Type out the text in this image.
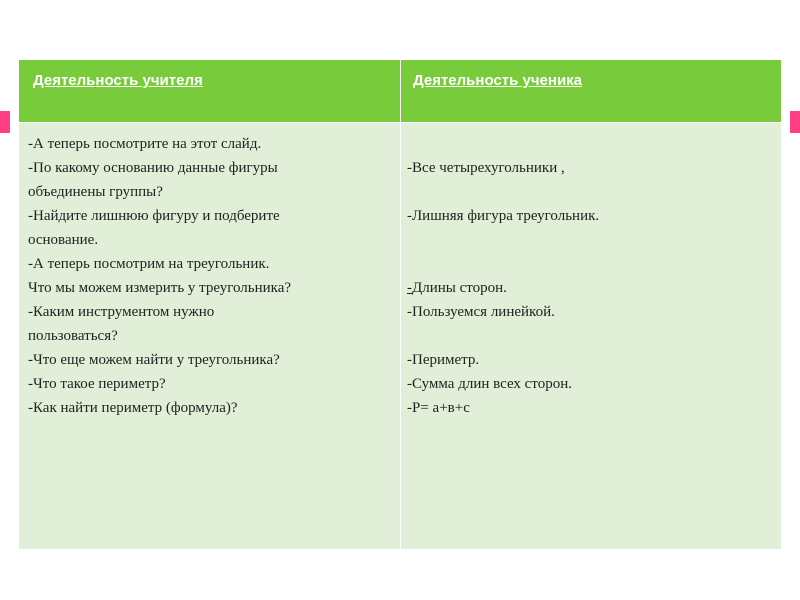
Деятельность учителя	Деятельность ученика
-А теперь посмотрите на этот слайд.
-По какому основанию данные фигуры
объединены группы?
-Найдите лишнюю фигуру и подберите
основание.
-А теперь посмотрим на треугольник.
Что мы можем измерить у треугольника?
-Каким инструментом нужно
пользоваться?
-Что еще можем найти у треугольника?
-Что такое периметр?
-Как найти периметр (формула)?
-Все четырехугольники ,
-Лишняя фигура треугольник.
-Длины сторон.
-Пользуемся линейкой.
-Периметр.
-Сумма длин всех сторон.
-Р= а+в+с
